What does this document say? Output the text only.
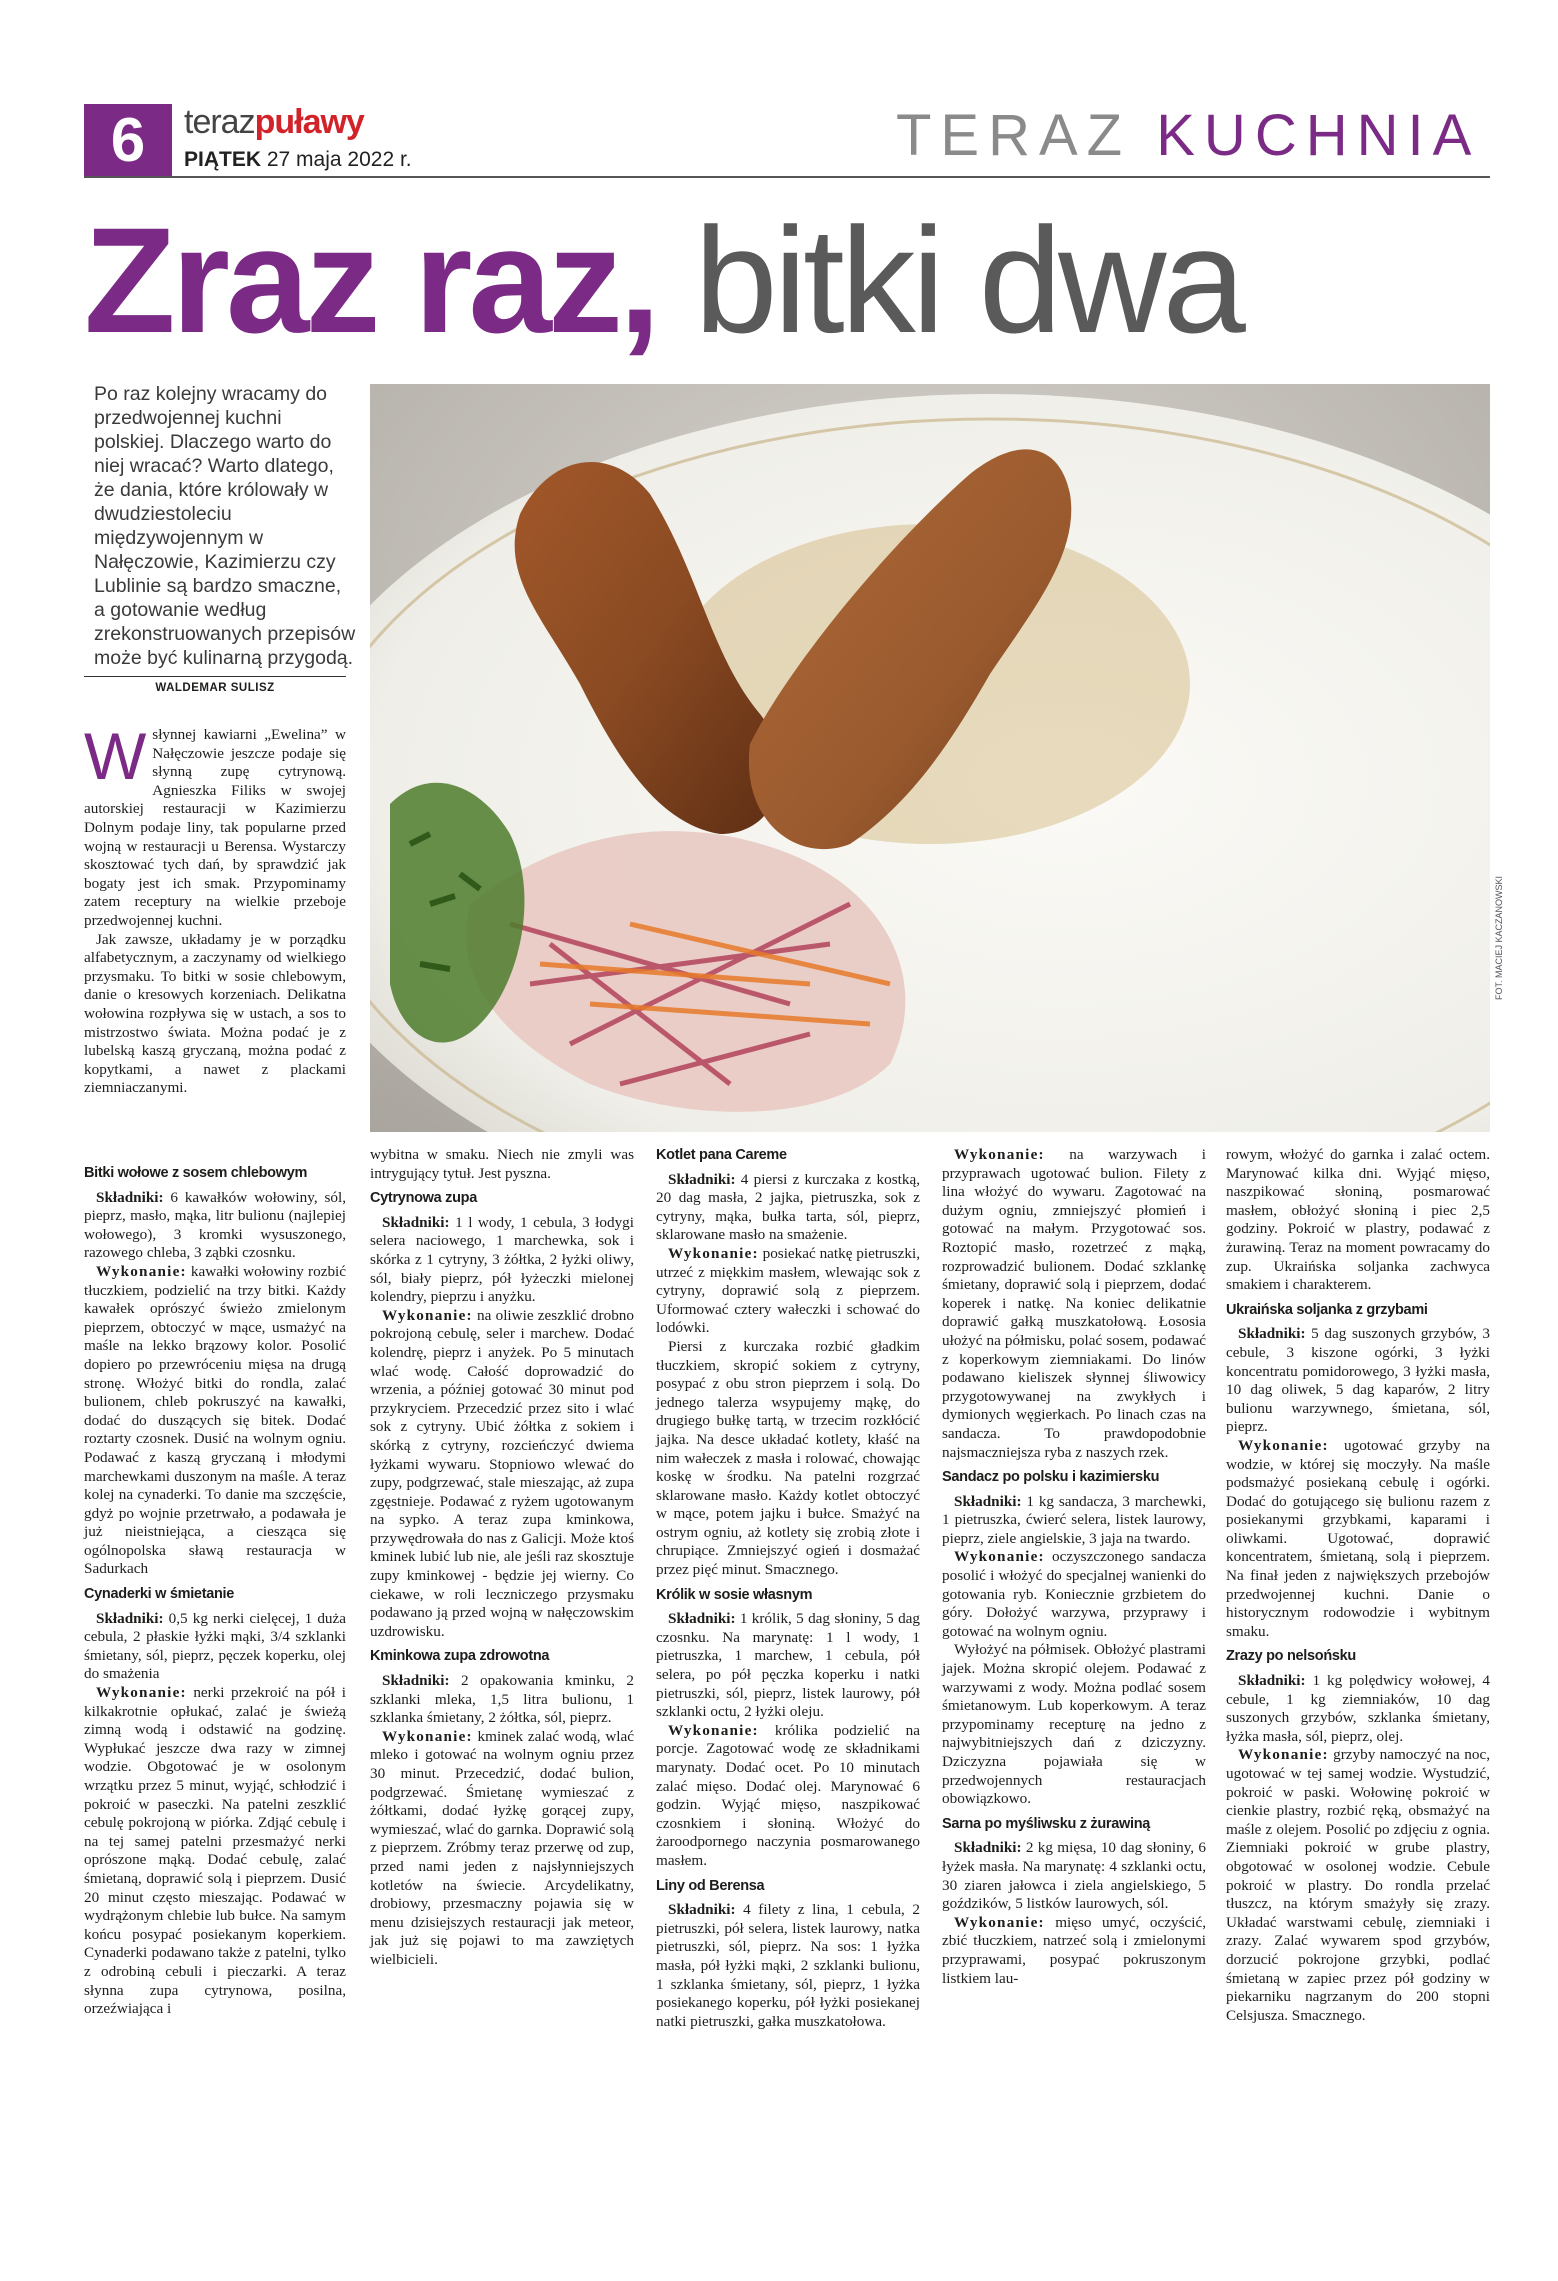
6	terazpuławy
PIĄTEK 27 maja 2022 r.	TERAZ KUCHNIA
Zraz raz, bitki dwa
Po raz kolejny wracamy do przedwojennej kuchni polskiej. Dlaczego warto do niej wracać? Warto dlatego, że dania, które królowały w dwudziestoleciu międzywojennym w Nałęczowie, Kazimierzu czy Lublinie są bardzo smaczne, a gotowanie według zrekonstruowanych przepisów może być kulinarną przygodą.
WALDEMAR SULISZ
FOT. MACIEJ KACZANOWSKI
W słynnej kawiarni „Ewelina” w Nałęczowie jeszcze podaje się słynną zupę cytrynową. Agnieszka Filiks w swojej autorskiej restauracji w Kazimierzu Dolnym podaje liny, tak popularne przed wojną w restauracji u Berensa. Wystarczy skosztować tych dań, by sprawdzić jak bogaty jest ich smak. Przypominamy zatem receptury na wielkie przeboje przedwojennej kuchni.

Jak zawsze, układamy je w porządku alfabetycznym, a zaczynamy od wielkiego przysmaku. To bitki w sosie chlebowym, danie o kresowych korzeniach. Delikatna wołowina rozpływa się w ustach, a sos to mistrzostwo świata. Można podać je z lubelską kaszą gryczaną, można podać z kopytkami, a nawet z plackami ziemniaczanymi.

Bitki wołowe z sosem chlebowym

Składniki: 6 kawałków wołowiny, sól, pieprz, masło, mąka, litr bulionu (najlepiej wołowego), 3 kromki wysuszonego, razowego chleba, 3 ząbki czosnku.

Wykonanie: kawałki wołowiny rozbić tłuczkiem, podzielić na trzy bitki. Każdy kawałek oprószyć świeżo zmielonym pieprzem, obtoczyć w mące, usmażyć na maśle na lekko brązowy kolor. Posolić dopiero po przewróceniu mięsa na drugą stronę. Włożyć bitki do rondla, zalać bulionem, chleb pokruszyć na kawałki, dodać do duszących się bitek. Dodać roztarty czosnek. Dusić na wolnym ogniu. Podawać z kaszą gryczaną i młodymi marchewkami duszonym na maśle. A teraz kolej na cynaderki. To danie ma szczęście, gdyż po wojnie przetrwało, a podawała je już nieistniejąca, a ciesząca się ogólnopolska sławą restauracja w Sadurkach

Cynaderki w śmietanie

Składniki: 0,5 kg nerki cielęcej, 1 duża cebula, 2 płaskie łyżki mąki, 3/4 szklanki śmietany, sól, pieprz, pęczek koperku, olej do smażenia

Wykonanie: nerki przekroić na pół i kilkakrotnie opłukać, zalać je świeżą zimną wodą i odstawić na godzinę. Wypłukać jeszcze dwa razy w zimnej wodzie. Obgotować je w osolonym wrzątku przez 5 minut, wyjąć, schłodzić i pokroić w paseczki. Na patelni zeszklić cebulę pokrojoną w piórka. Zdjąć cebulę i na tej samej patelni przesmażyć nerki oprószone mąką. Dodać cebulę, zalać śmietaną, doprawić solą i pieprzem. Dusić 20 minut często mieszając. Podawać w wydrążonym chlebie lub bułce. Na samym końcu posypać posiekanym koperkiem. Cynaderki podawano także z patelni, tylko z odrobiną cebuli i pieczarki. A teraz słynna zupa cytrynowa, posilna, orzeźwiająca i

wybitna w smaku. Niech nie zmyli was intrygujący tytuł. Jest pyszna.

Cytrynowa zupa

Składniki: 1 l wody, 1 cebula, 3 łodygi selera naciowego, 1 marchewka, sok i skórka z 1 cytryny, 3 żółtka, 2 łyżki oliwy, sól, biały pieprz, pół łyżeczki mielonej kolendry, pieprzu i anyżku.

Wykonanie: na oliwie zeszklić drobno pokrojoną cebulę, seler i marchew. Dodać kolendrę, pieprz i anyżek. Po 5 minutach wlać wodę. Całość doprowadzić do wrzenia, a później gotować 30 minut pod przykryciem. Przecedzić przez sito i wlać sok z cytryny. Ubić żółtka z sokiem i skórką z cytryny, rozcieńczyć dwiema łyżkami wywaru. Stopniowo wlewać do zupy, podgrzewać, stale mieszając, aż zupa zgęstnieje. Podawać z ryżem ugotowanym na sypko. A teraz zupa kminkowa, przywędrowała do nas z Galicji. Może ktoś kminek lubić lub nie, ale jeśli raz skosztuje zupy kminkowej - będzie jej wierny. Co ciekawe, w roli leczniczego przysmaku podawano ją przed wojną w nałęczowskim uzdrowisku.

Kminkowa zupa zdrowotna

Składniki: 2 opakowania kminku, 2 szklanki mleka, 1,5 litra bulionu, 1 szklanka śmietany, 2 żółtka, sól, pieprz.

Wykonanie: kminek zalać wodą, wlać mleko i gotować na wolnym ogniu przez 30 minut. Przecedzić, dodać bulion, podgrzewać. Śmietanę wymieszać z żółtkami, dodać łyżkę gorącej zupy, wymieszać, wlać do garnka. Doprawić solą z pieprzem. Zróbmy teraz przerwę od zup, przed nami jeden z najsłynniejszych kotletów na świecie. Arcydelikatny, drobiowy, przesmaczny pojawia się w menu dzisiejszych restauracji jak meteor, jak już się pojawi to ma zawziętych wielbicieli.

Kotlet pana Careme

Składniki: 4 piersi z kurczaka z kostką, 20 dag masła, 2 jajka, pietruszka, sok z cytryny, mąka, bułka tarta, sól, pieprz, sklarowane masło na smażenie.

Wykonanie: posiekać natkę pietruszki, utrzeć z miękkim masłem, wlewając sok z cytryny, doprawić solą z pieprzem. Uformować cztery wałeczki i schować do lodówki.

Piersi z kurczaka rozbić gładkim tłuczkiem, skropić sokiem z cytryny, posypać z obu stron pieprzem i solą. Do jednego talerza wsypujemy mąkę, do drugiego bułkę tartą, w trzecim rozkłócić jajka. Na desce układać kotlety, kłaść na nim wałeczek z masła i rolować, chowając koskę w środku. Na patelni rozgrzać sklarowane masło. Każdy kotlet obtoczyć w mące, potem jajku i bułce. Smażyć na ostrym ogniu, aż kotlety się zrobią złote i chrupiące. Zmniejszyć ogień i dosmażać przez pięć minut. Smacznego.

Królik w sosie własnym

Składniki: 1 królik, 5 dag słoniny, 5 dag czosnku. Na marynatę: 1 l wody, 1 pietruszka, 1 marchew, 1 cebula, pół selera, po pół pęczka koperku i natki pietruszki, sól, pieprz, listek laurowy, pół szklanki octu, 2 łyżki oleju.

Wykonanie: królika podzielić na porcje. Zagotować wodę ze składnikami marynaty. Dodać ocet. Po 10 minutach zalać mięso. Dodać olej. Marynować 6 godzin. Wyjąć mięso, naszpikować czosnkiem i słoniną. Włożyć do żaroodpornego naczynia posmarowanego masłem.

Liny od Berensa

Składniki: 4 filety z lina, 1 cebula, 2 pietruszki, pół selera, listek laurowy, natka pietruszki, sól, pieprz. Na sos: 1 łyżka masła, pół łyżki mąki, 2 szklanki bulionu, 1 szklanka śmietany, sól, pieprz, 1 łyżka posiekanego koperku, pół łyżki posiekanej natki pietruszki, gałka muszkatołowa.

Wykonanie: na warzywach i przyprawach ugotować bulion. Filety z lina włożyć do wywaru. Zagotować na dużym ogniu, zmniejszyć płomień i gotować na małym. Przygotować sos. Roztopić masło, rozetrzeć z mąką, rozprowadzić bulionem. Dodać szklankę śmietany, doprawić solą i pieprzem, dodać koperek i natkę. Na koniec delikatnie doprawić gałką muszkatołową. Łososia ułożyć na półmisku, polać sosem, podawać z koperkowym ziemniakami. Do linów podawano kieliszek słynnej śliwowicy przygotowywanej na zwykłych i dymionych węgierkach. Po linach czas na sandacza. To prawdopodobnie najsmaczniejsza ryba z naszych rzek.

Sandacz po polsku i kazimiersku

Składniki: 1 kg sandacza, 3 marchewki, 1 pietruszka, ćwierć selera, listek laurowy, pieprz, ziele angielskie, 3 jaja na twardo.

Wykonanie: oczyszczonego sandacza posolić i włożyć do specjalnej wanienki do gotowania ryb. Koniecznie grzbietem do góry. Dołożyć warzywa, przyprawy i gotować na wolnym ogniu.

Wyłożyć na półmisek. Obłożyć plastrami jajek. Można skropić olejem. Podawać z warzywami z wody. Można podlać sosem śmietanowym. Lub koperkowym. A teraz przypominamy recepturę na jedno z najwybitniejszych dań z dziczyzny. Dziczyzna pojawiała się w przedwojennych restauracjach obowiązkowo.

Sarna po myśliwsku z żurawiną

Składniki: 2 kg mięsa, 10 dag słoniny, 6 łyżek masła. Na marynatę: 4 szklanki octu, 30 ziaren jałowca i ziela angielskiego, 5 goździków, 5 listków laurowych, sól.

Wykonanie: mięso umyć, oczyścić, zbić tłuczkiem, natrzeć solą i zmielonymi przyprawami, posypać pokruszonym listkiem lau-

rowym, włożyć do garnka i zalać octem. Marynować kilka dni. Wyjąć mięso, naszpikować słoniną, posmarować masłem, obłożyć słoniną i piec 2,5 godziny. Pokroić w plastry, podawać z żurawiną. Teraz na moment powracamy do zup. Ukraińska soljanka zachwyca smakiem i charakterem.

Ukraińska soljanka z grzybami

Składniki: 5 dag suszonych grzybów, 3 cebule, 3 kiszone ogórki, 3 łyżki koncentratu pomidorowego, 3 łyżki masła, 10 dag oliwek, 5 dag kaparów, 2 litry bulionu warzywnego, śmietana, sól, pieprz.

Wykonanie: ugotować grzyby na wodzie, w której się moczyły. Na maśle podsmażyć posiekaną cebulę i ogórki. Dodać do gotującego się bulionu razem z posiekanymi grzybkami, kaparami i oliwkami. Ugotować, doprawić koncentratem, śmietaną, solą i pieprzem. Na finał jeden z największych przebojów przedwojennej kuchni. Danie o historycznym rodowodzie i wybitnym smaku.

Zrazy po nelsońsku

Składniki: 1 kg polędwicy wołowej, 4 cebule, 1 kg ziemniaków, 10 dag suszonych grzybów, szklanka śmietany, łyżka masła, sól, pieprz, olej.

Wykonanie: grzyby namoczyć na noc, ugotować w tej samej wodzie. Wystudzić, pokroić w paski. Wołowinę pokroić w cienkie plastry, rozbić ręką, obsmażyć na maśle z olejem. Posolić po zdjęciu z ognia. Ziemniaki pokroić w grube plastry, obgotować w osolonej wodzie. Cebule pokroić w plastry. Do rondla przelać tłuszcz, na którym smażyły się zrazy. Układać warstwami cebulę, ziemniaki i zrazy. Zalać wywarem spod grzybów, dorzucić pokrojone grzybki, podlać śmietaną w zapiec przez pół godziny w piekarniku nagrzanym do 200 stopni Celsjusza. Smacznego.
